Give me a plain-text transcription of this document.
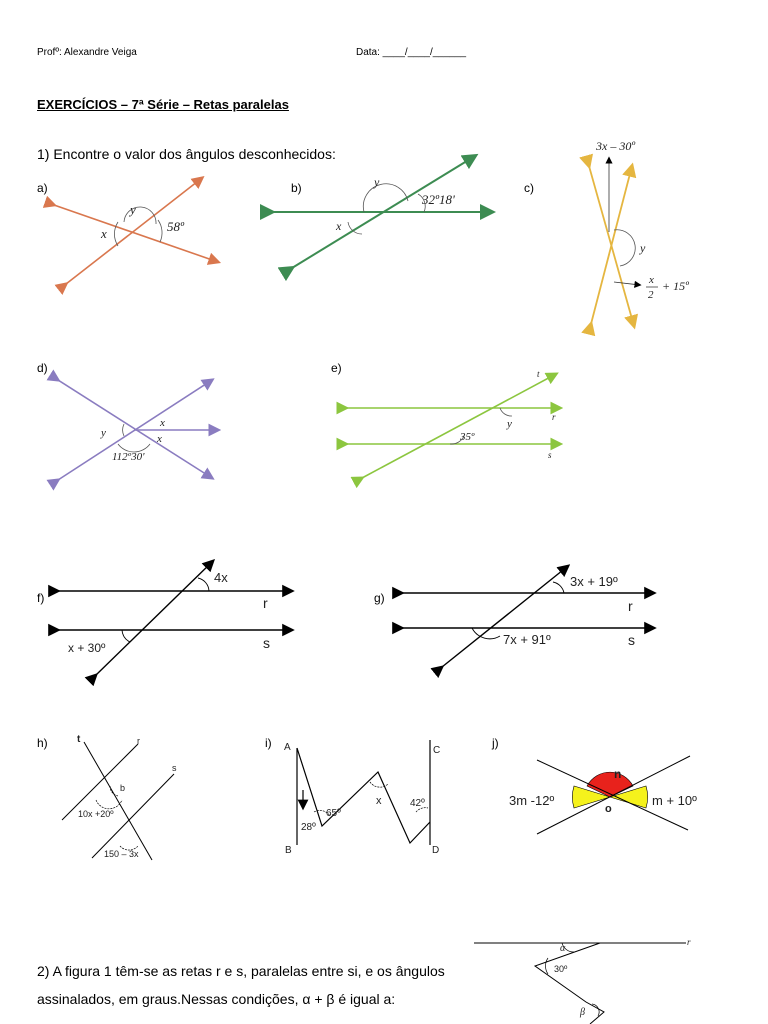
Profº: Alexandre Veiga	Data: ____/____/______
EXERCÍCIOS – 7ª Série – Retas paralelas
1) Encontre o valor dos ângulos desconhecidos:
a)
x
y
58º
b)	y
x
32º18'
c)
3x – 30º
y
x
2
+ 15º
d)
y
x
x
112º30'
e)	t
r
s
y
35º
f)
4x
r
s
x + 30º
g)
3x + 19º
r
s
7x + 91º
h)	t	r
s
b
10x +20º
150 – 3x
i) A
B
C
D
28º
65º
x	42º
j)
n
o
3m -12º	m + 10º
2) A figura 1 têm-se as retas r e s, paralelas entre si, e os ângulos
assinalados, em graus.Nessas condições, α + β é igual a:
r
α
30º
β
